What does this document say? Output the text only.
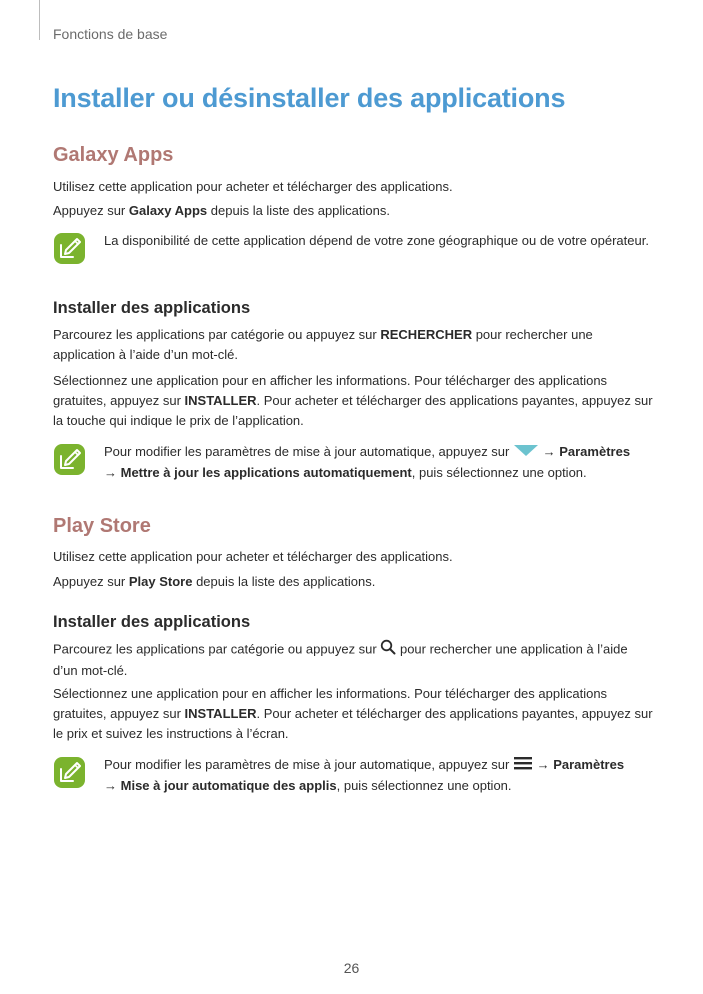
Fonctions de base
Installer ou désinstaller des applications
Galaxy Apps

Utilisez cette application pour acheter et télécharger des applications.

Appuyez sur Galaxy Apps depuis la liste des applications.

La disponibilité de cette application dépend de votre zone géographique ou de votre opérateur.
Installer des applications

Parcourez les applications par catégorie ou appuyez sur RECHERCHER pour rechercher une application à l’aide d’un mot-clé.

Sélectionnez une application pour en afficher les informations. Pour télécharger des applications gratuites, appuyez sur INSTALLER. Pour acheter et télécharger des applications payantes, appuyez sur la touche qui indique le prix de l’application.

Pour modifier les paramètres de mise à jour automatique, appuyez sur  → Paramètres
→ Mettre à jour les applications automatiquement, puis sélectionnez une option.
Play Store

Utilisez cette application pour acheter et télécharger des applications.

Appuyez sur Play Store depuis la liste des applications.

Installer des applications

Parcourez les applications par catégorie ou appuyez sur  pour rechercher une application à l’aide d’un mot-clé.

Sélectionnez une application pour en afficher les informations. Pour télécharger des applications gratuites, appuyez sur INSTALLER. Pour acheter et télécharger des applications payantes, appuyez sur le prix et suivez les instructions à l’écran.

Pour modifier les paramètres de mise à jour automatique, appuyez sur  → Paramètres
→ Mise à jour automatique des applis, puis sélectionnez une option.
26
